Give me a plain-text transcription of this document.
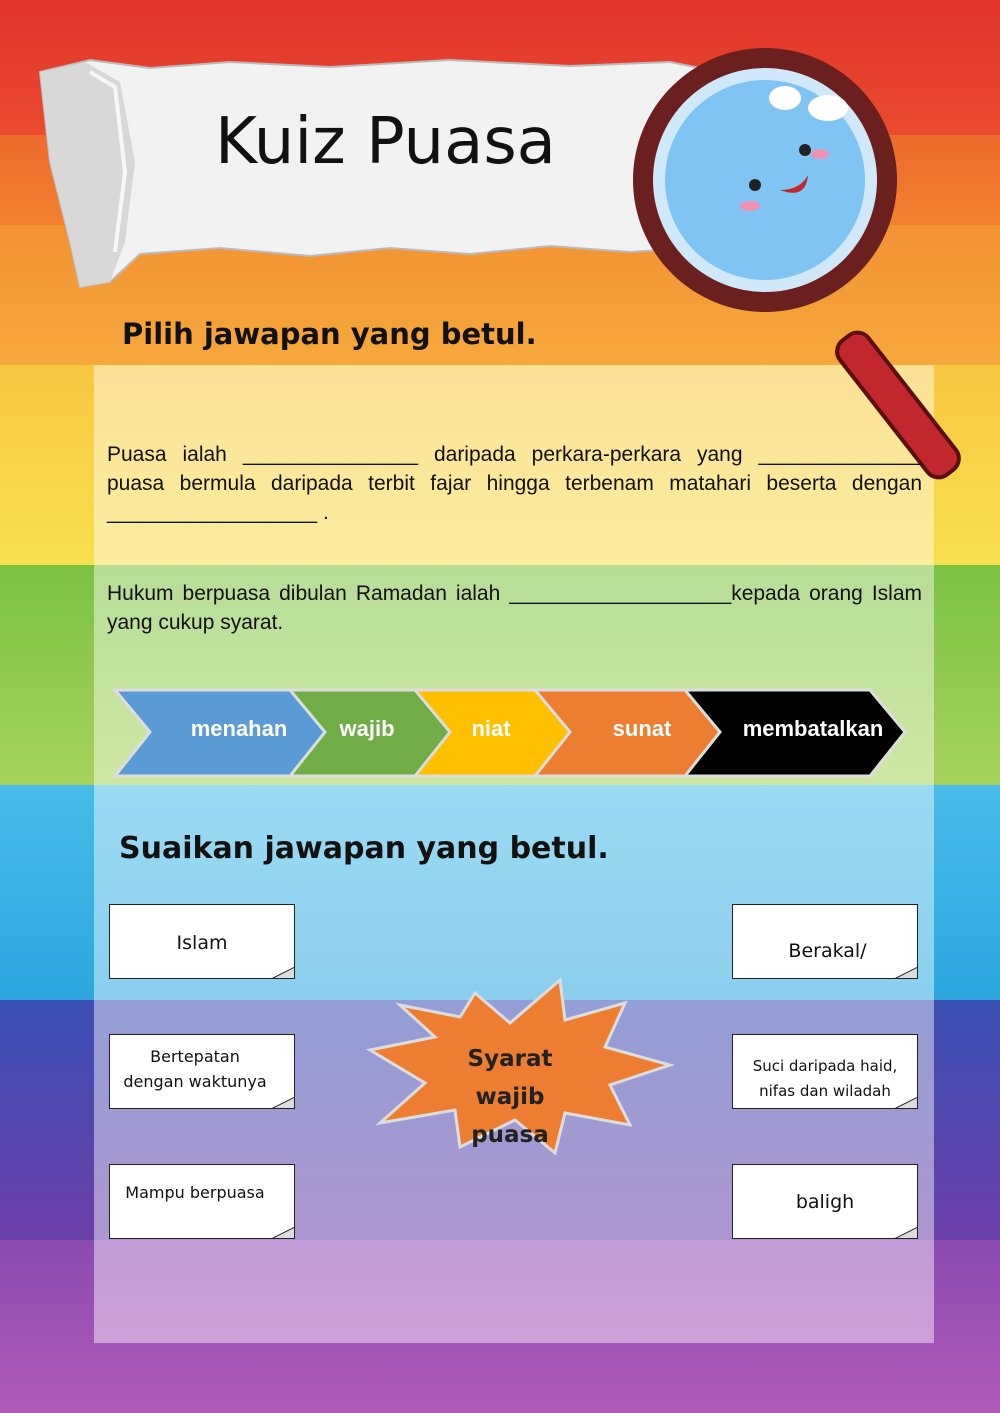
Kuiz Puasa
Pilih jawapan yang betul.
Puasa ialah _______________ daripada perkara-perkara yang ______________ puasa bermula daripada terbit fajar hingga terbenam matahari beserta dengan __________________ .
Hukum berpuasa dibulan Ramadan ialah ___________________kepada orang Islam yang cukup syarat.
menahan wajib	niat	sunat	membatalkan
Suaikan jawapan yang betul.
Islam
Bertepatan
dengan waktunya
Mampu berpuasa
Berakal/
Suci daripada haid,
nifas dan wiladah
baligh
Syarat wajib
puasa
